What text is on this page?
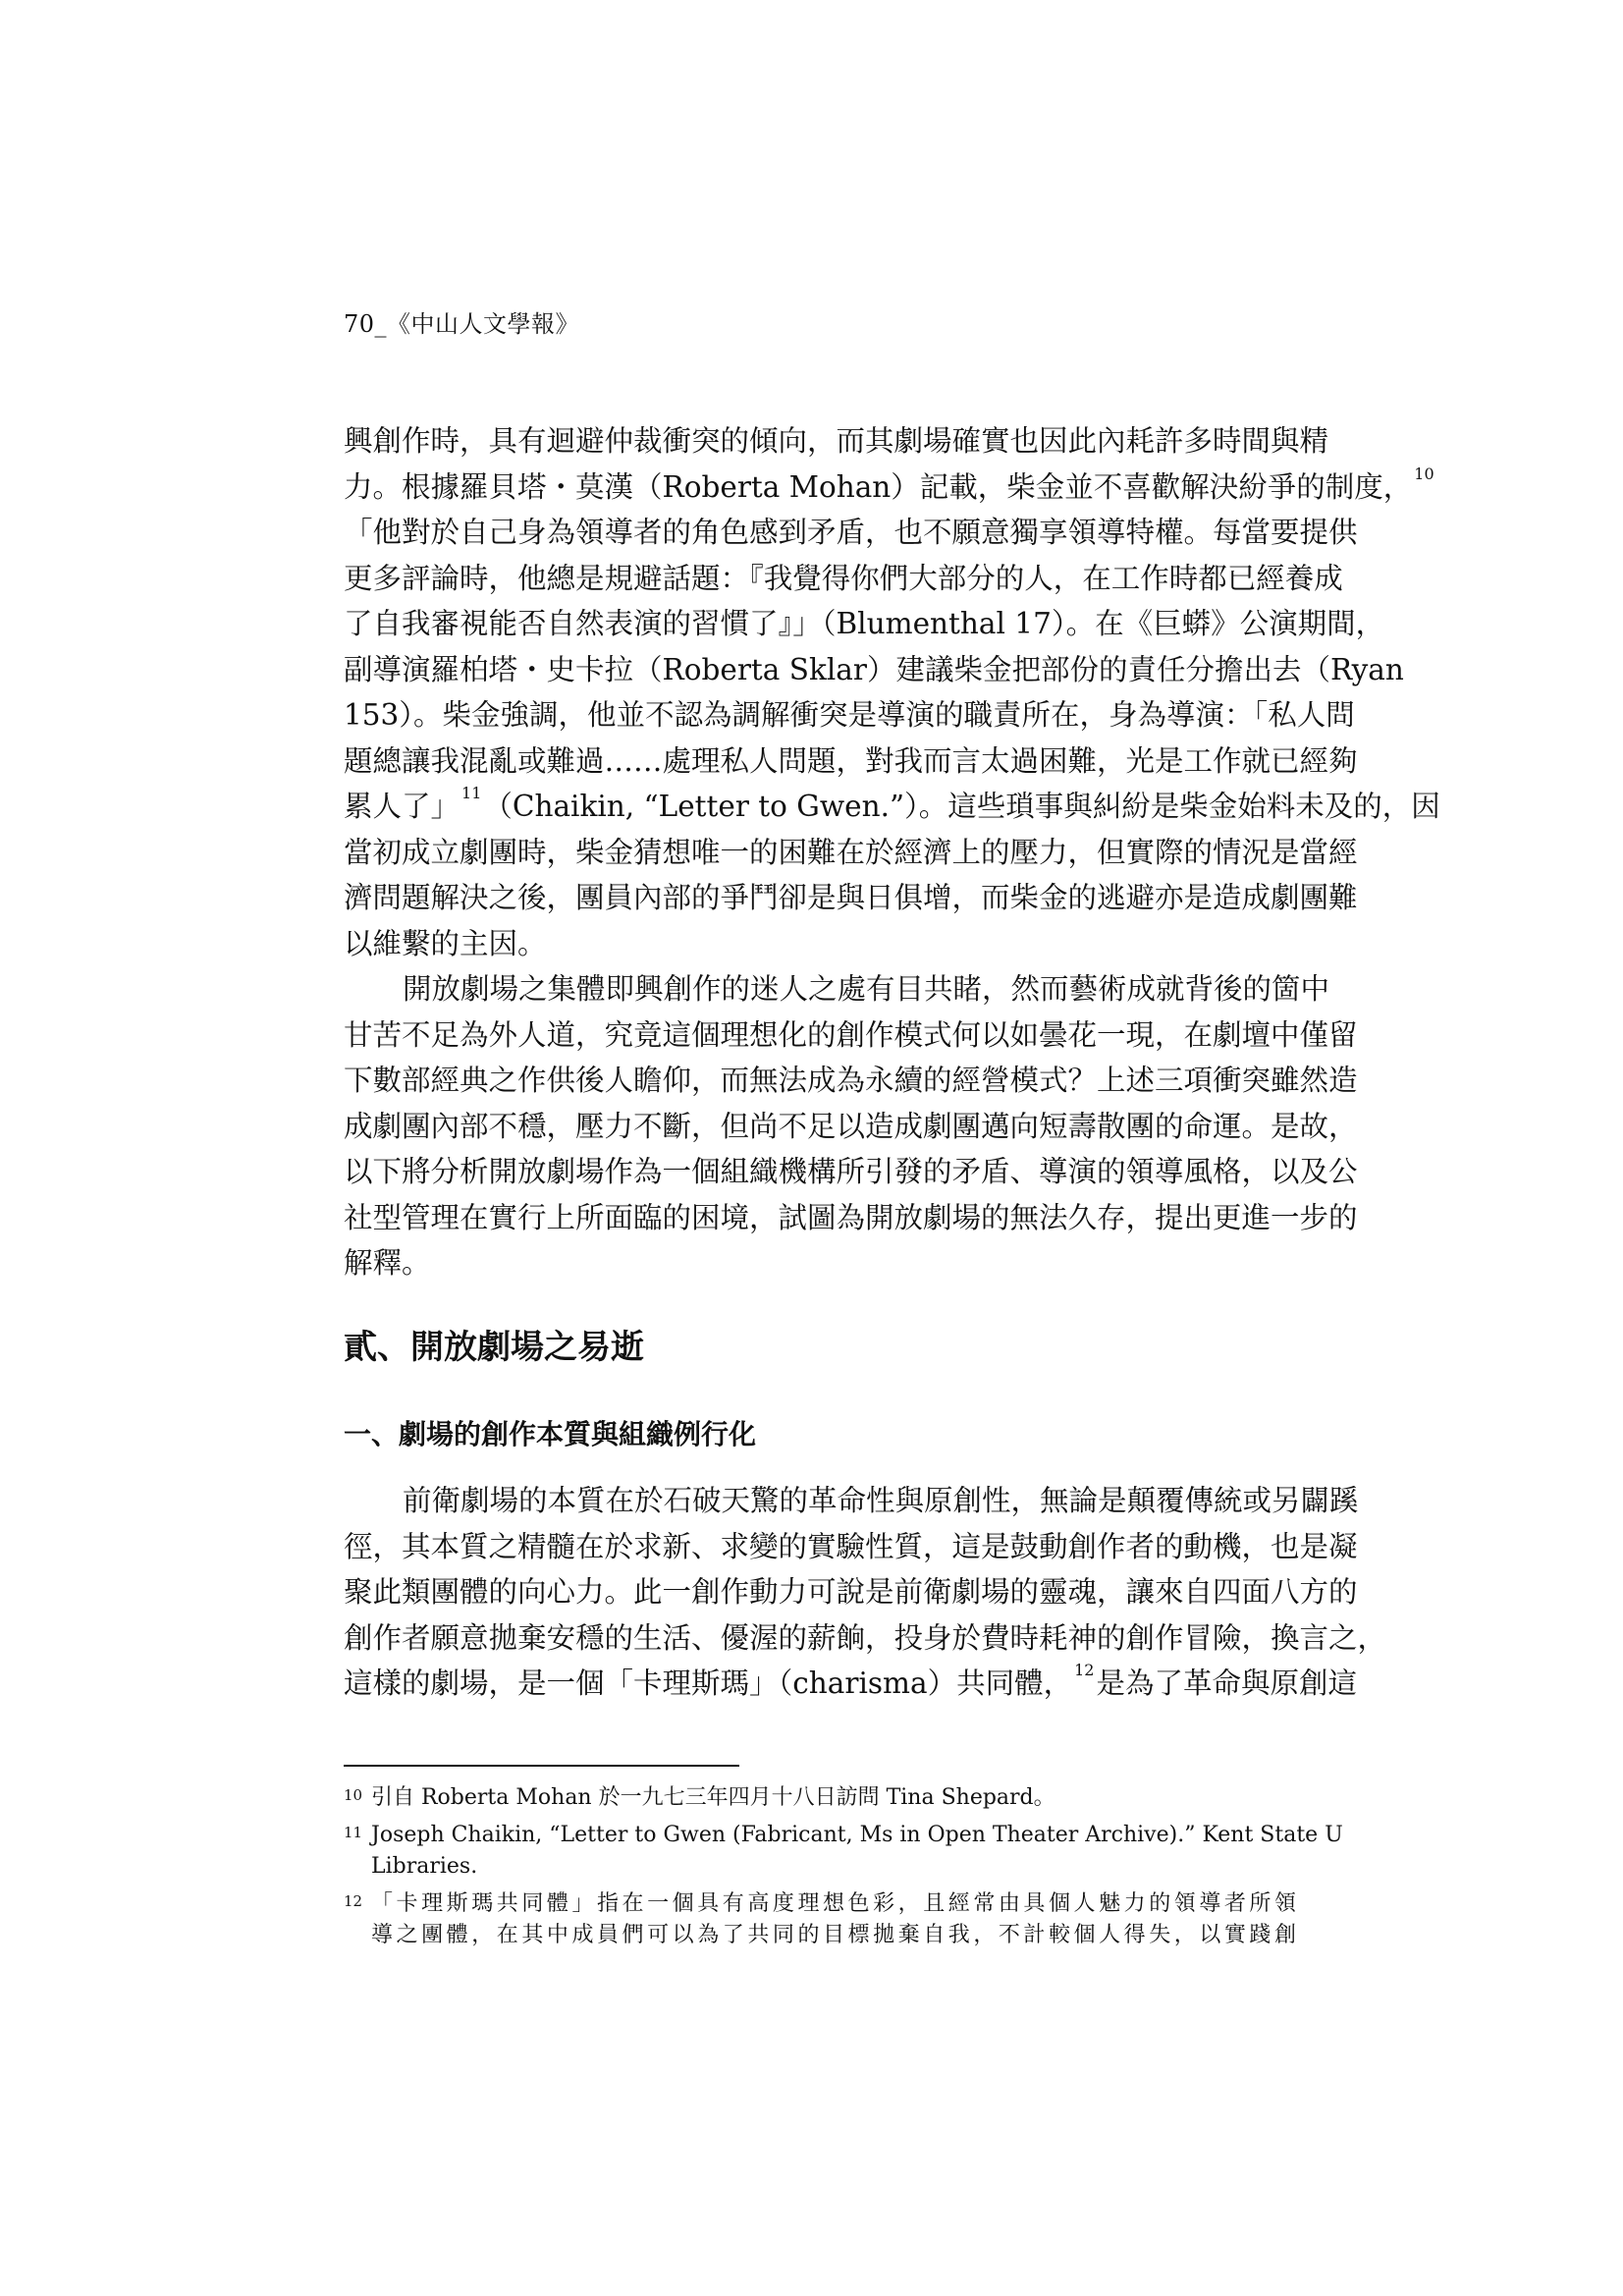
70_《中山人文學報》
興創作時，具有迴避仲裁衝突的傾向，而其劇場確實也因此內耗許多時間與精
力。根據羅貝塔・莫漢（Roberta Mohan）記載，柴金並不喜歡解決紛爭的制度， $^{10}$
「他對於自己身為領導者的角色感到矛盾，也不願意獨享領導特權。每當要提供
更多評論時，他總是規避話題：『我覺得你們大部分的人，在工作時都已經養成
了自我審視能否自然表演的習慣了』」（Blumenthal 17）。在《巨蟒》公演期間，
副導演羅柏塔・史卡拉（Roberta Sklar）建議柴金把部份的責任分擔出去（Ryan
153）。柴金強調，他並不認為調解衝突是導演的職責所在，身為導演：「私人問
題總讓我混亂或難過……處理私人問題，對我而言太過困難，光是工作就已經夠
累人了」 $^{11}$（Chaikin, “Letter to Gwen.”）。這些瑣事與糾紛是柴金始料未及的，因
當初成立劇團時，柴金猜想唯一的困難在於經濟上的壓力，但實際的情況是當經
濟問題解決之後，團員內部的爭鬥卻是與日俱增，而柴金的逃避亦是造成劇團難
以維繫的主因。
開放劇場之集體即興創作的迷人之處有目共睹，然而藝術成就背後的箇中
甘苦不足為外人道，究竟這個理想化的創作模式何以如曇花一現，在劇壇中僅留
下數部經典之作供後人瞻仰，而無法成為永續的經營模式？上述三項衝突雖然造
成劇團內部不穩，壓力不斷，但尚不足以造成劇團邁向短壽散團的命運。是故，
以下將分析開放劇場作為一個組織機構所引發的矛盾、導演的領導風格，以及公
社型管理在實行上所面臨的困境，試圖為開放劇場的無法久存，提出更進一步的
解釋。
貳、開放劇場之易逝
一、劇場的創作本質與組織例行化
前衛劇場的本質在於石破天驚的革命性與原創性，無論是顛覆傳統或另闢蹊
徑，其本質之精髓在於求新、求變的實驗性質，這是鼓動創作者的動機，也是凝
聚此類團體的向心力。此一創作動力可說是前衛劇場的靈魂，讓來自四面八方的
創作者願意拋棄安穩的生活、優渥的薪餉，投身於費時耗神的創作冒險，換言之，
這樣的劇場，是一個「卡理斯瑪」（charisma）共同體， $^{12}$是為了革命與原創這
10 引自 Roberta Mohan 於一九七三年四月十八日訪問 Tina Shepard。
11 Joseph Chaikin, “Letter to Gwen (Fabricant, Ms in Open Theater Archive).” Kent State U
Libraries.
12 「卡理斯瑪共同體」指在一個具有高度理想色彩，且經常由具個人魅力的領導者所領
導之團體，在其中成員們可以為了共同的目標拋棄自我，不計較個人得失，以實踐創
